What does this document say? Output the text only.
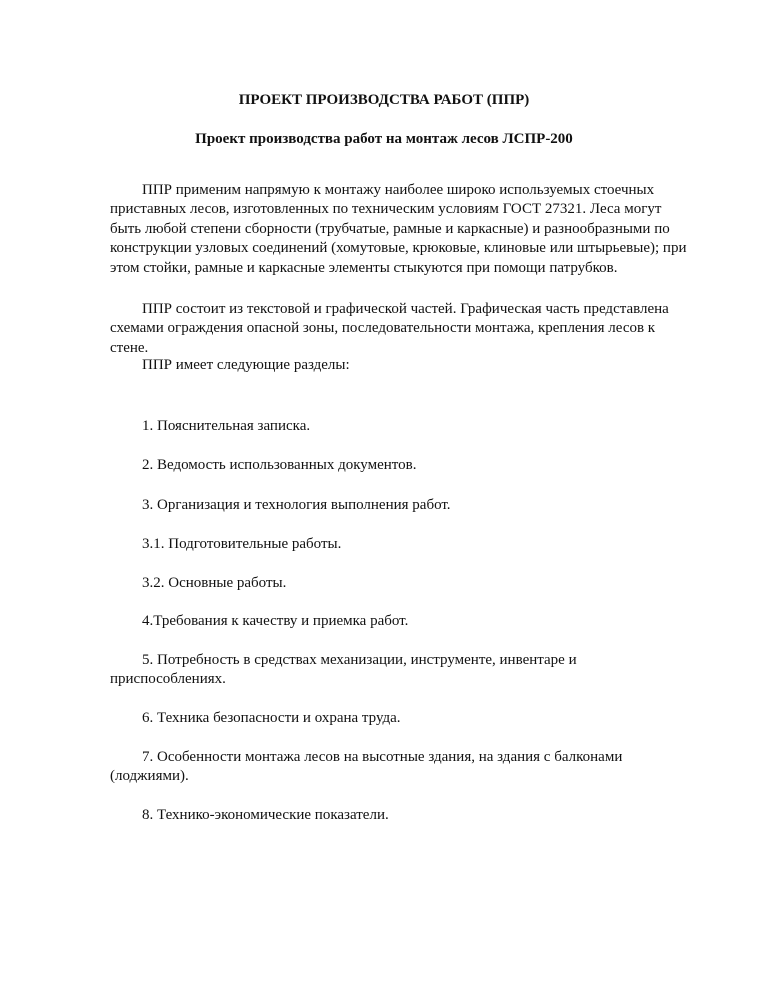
ПРОЕКТ ПРОИЗВОДСТВА РАБОТ (ППР)
Проект производства работ на монтаж лесов ЛСПР-200

ППР применим напрямую к монтажу наиболее широко используемых стоечных
приставных лесов, изготовленных по техническим условиям ГОСТ 27321. Леса могут
быть любой степени сборности (трубчатые, рамные и каркасные) и разнообразными по
конструкции узловых соединений (хомутовые, крюковые, клиновые или штырьевые); при
этом стойки, рамные и каркасные элементы стыкуются при помощи патрубков.

ППР состоит из текстовой и графической частей. Графическая часть представлена
схемами ограждения опасной зоны, последовательности монтажа, крепления лесов к
стене.

ППР имеет следующие разделы:

1. Пояснительная записка.

2. Ведомость использованных документов.

3. Организация и технология выполнения работ.

3.1. Подготовительные работы.

3.2. Основные работы.

4.Требования к качеству и приемка работ.

5. Потребность в средствах механизации, инструменте, инвентаре и
приспособлениях.

6. Техника безопасности и охрана труда.

7. Особенности монтажа лесов на высотные здания, на здания с балконами
(лоджиями).

8. Технико-экономические показатели.
